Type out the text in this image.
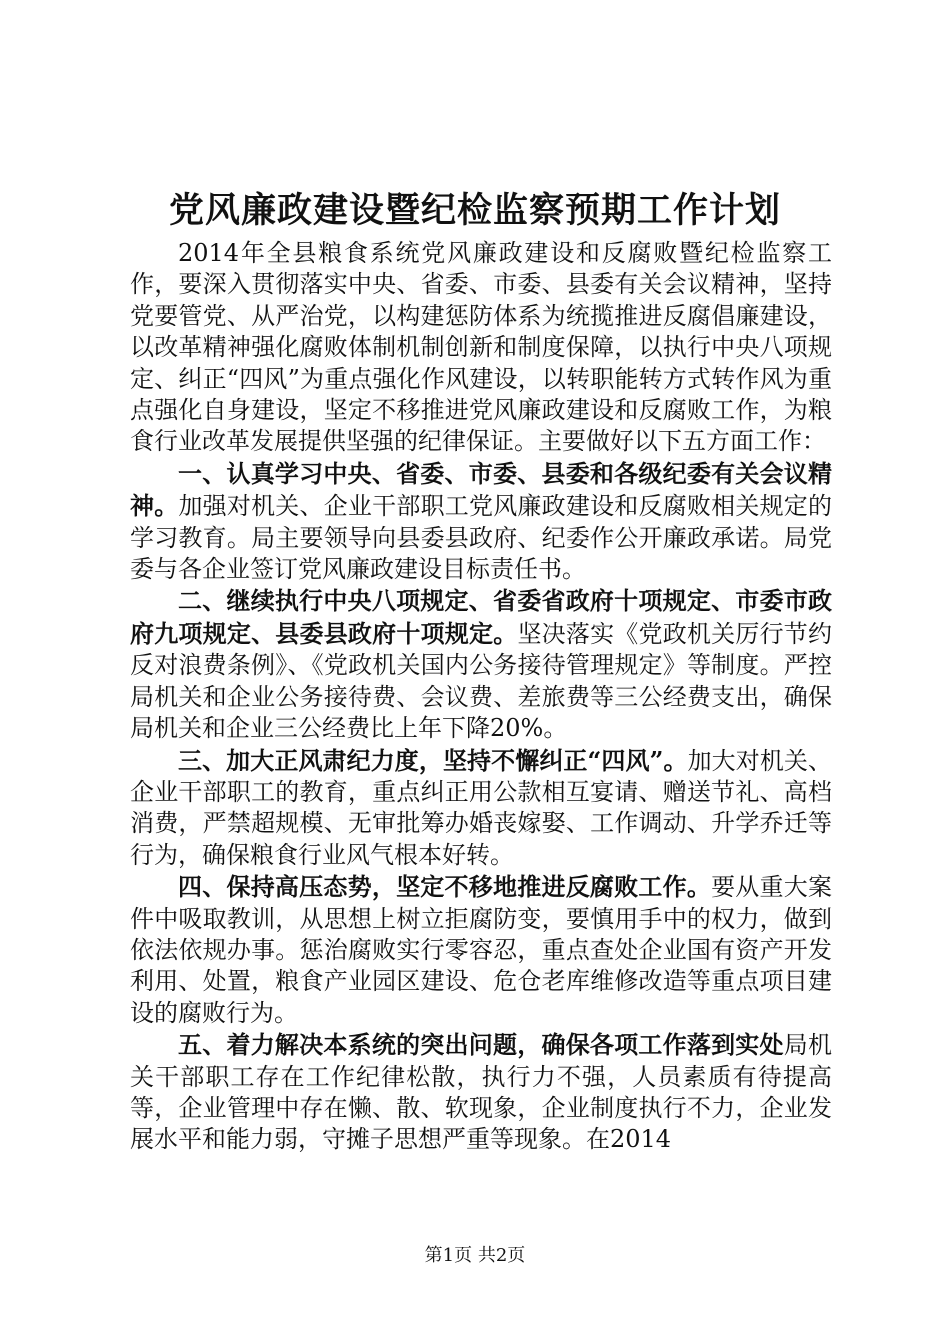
党风廉政建设暨纪检监察预期工作计划

2014年全县粮食系统党风廉政建设和反腐败暨纪检监察工作，要深入贯彻落实中央、省委、市委、县委有关会议精神，坚持党要管党、从严治党，以构建惩防体系为统揽推进反腐倡廉建设，以改革精神强化腐败体制机制创新和制度保障，以执行中央八项规定、纠正“四风”为重点强化作风建设，以转职能转方式转作风为重点强化自身建设，坚定不移推进党风廉政建设和反腐败工作，为粮食行业改革发展提供坚强的纪律保证。主要做好以下五方面工作：

一、认真学习中央、省委、市委、县委和各级纪委有关会议精神。加强对机关、企业干部职工党风廉政建设和反腐败相关规定的学习教育。局主要领导向县委县政府、纪委作公开廉政承诺。局党委与各企业签订党风廉政建设目标责任书。

二、继续执行中央八项规定、省委省政府十项规定、市委市政府九项规定、县委县政府十项规定。坚决落实《党政机关厉行节约反对浪费条例》、《党政机关国内公务接待管理规定》等制度。严控局机关和企业公务接待费、会议费、差旅费等三公经费支出，确保局机关和企业三公经费比上年下降20%。

三、加大正风肃纪力度，坚持不懈纠正“四风”。加大对机关、企业干部职工的教育，重点纠正用公款相互宴请、赠送节礼、高档消费，严禁超规模、无审批筹办婚丧嫁娶、工作调动、升学乔迁等行为，确保粮食行业风气根本好转。

四、保持高压态势，坚定不移地推进反腐败工作。要从重大案件中吸取教训，从思想上树立拒腐防变，要慎用手中的权力，做到依法依规办事。惩治腐败实行零容忍，重点查处企业国有资产开发利用、处置，粮食产业园区建设、危仓老库维修改造等重点项目建设的腐败行为。

五、着力解决本系统的突出问题，确保各项工作落到实处局机关干部职工存在工作纪律松散，执行力不强，人员素质有待提高等，企业管理中存在懒、散、软现象，企业制度执行不力，企业发展水平和能力弱，守摊子思想严重等现象。在2014

第1页 共2页
